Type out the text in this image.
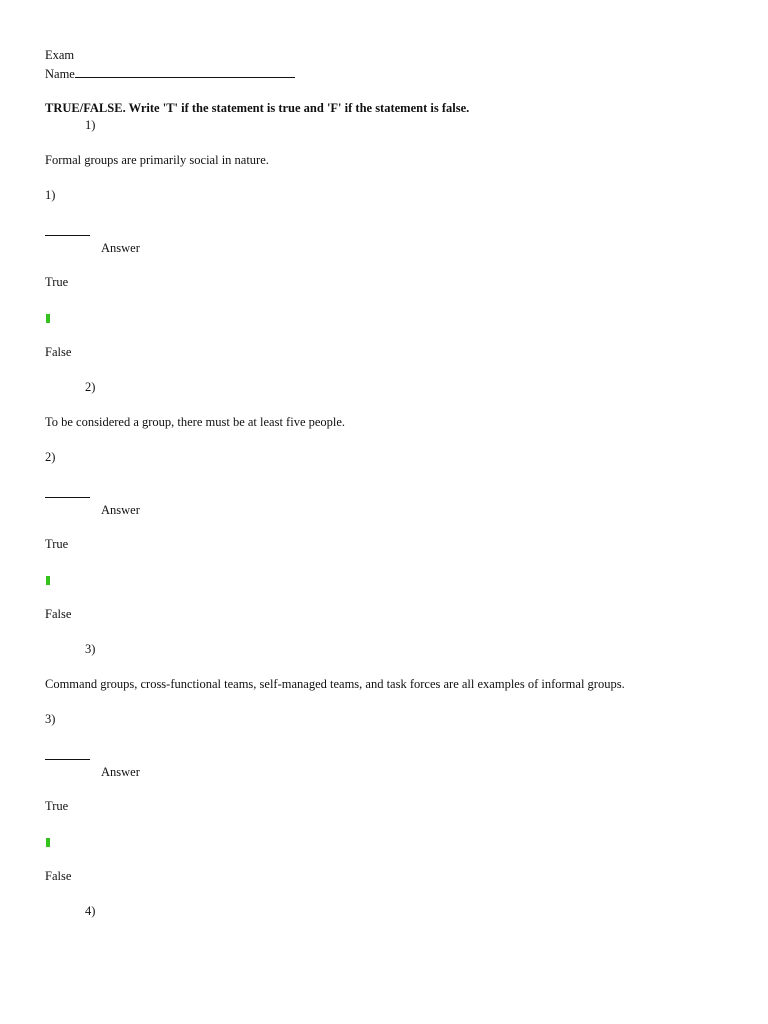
Exam
Name
TRUE/FALSE. Write 'T' if the statement is true and 'F' if the statement is false.
1)
Formal groups are primarily social in nature.
1)
Answer
True
False
2)
To be considered a group, there must be at least five people.
2)
Answer
True
False
3)
Command groups, cross-functional teams, self-managed teams, and task forces are all examples of informal groups.
3)
Answer
True
False
4)
